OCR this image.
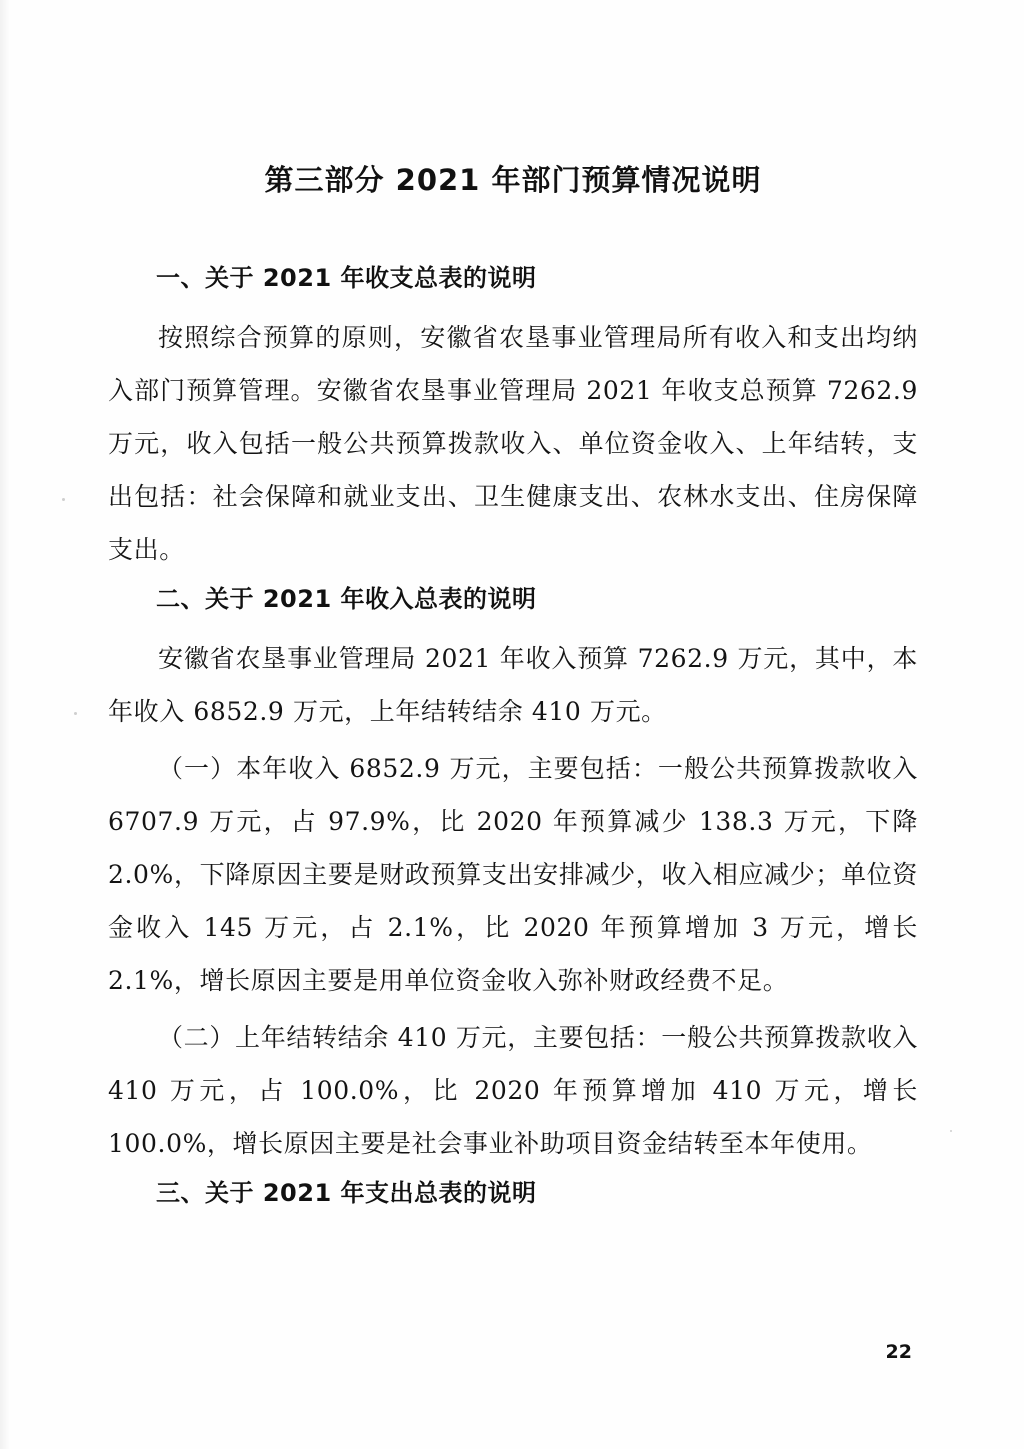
第三部分 2021 年部门预算情况说明
一、关于 2021 年收支总表的说明

按照综合预算的原则，安徽省农垦事业管理局所有收入和支出均纳入部门预算管理。安徽省农垦事业管理局 2021 年收支总预算 7262.9 万元，收入包括一般公共预算拨款收入、单位资金收入、上年结转，支出包括：社会保障和就业支出、卫生健康支出、农林水支出、住房保障支出。

二、关于 2021 年收入总表的说明

安徽省农垦事业管理局 2021 年收入预算 7262.9 万元，其中，本年收入 6852.9 万元，上年结转结余 410 万元。

（一）本年收入 6852.9 万元，主要包括：一般公共预算拨款收入 6707.9 万元，占 97.9%，比 2020 年预算减少 138.3 万元，下降 2.0%，下降原因主要是财政预算支出安排减少，收入相应减少；单位资金收入 145 万元，占 2.1%，比 2020 年预算增加 3 万元，增长 2.1%，增长原因主要是用单位资金收入弥补财政经费不足。

（二）上年结转结余 410 万元，主要包括：一般公共预算拨款收入 410 万元，占 100.0%，比 2020 年预算增加 410 万元，增长 100.0%，增长原因主要是社会事业补助项目资金结转至本年使用。

三、关于 2021 年支出总表的说明
22
